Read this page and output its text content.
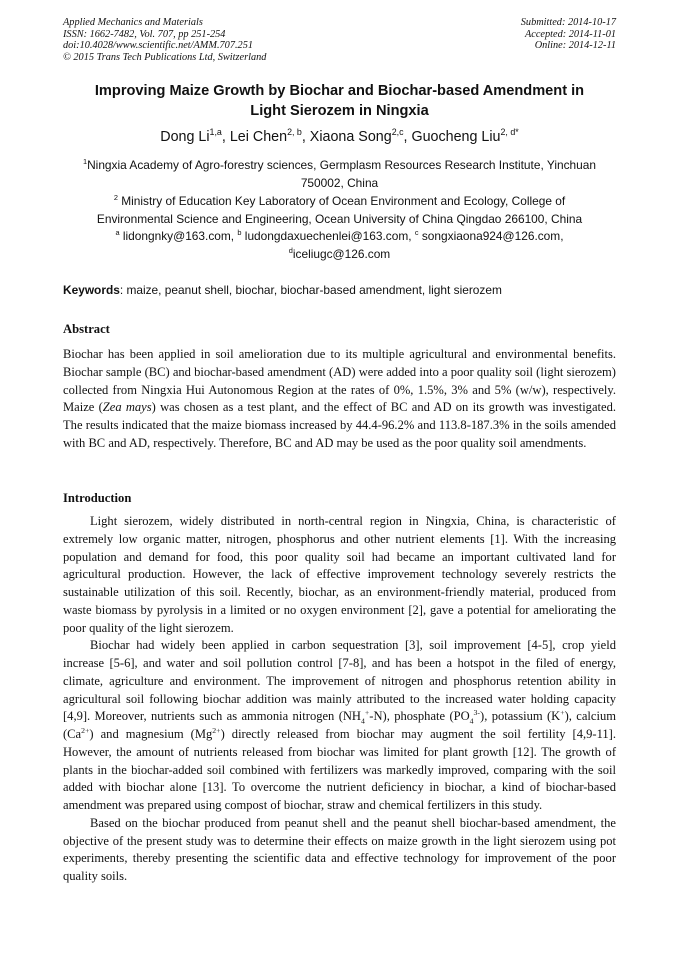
Applied Mechanics and Materials
ISSN: 1662-7482, Vol. 707, pp 251-254
doi:10.4028/www.scientific.net/AMM.707.251
© 2015 Trans Tech Publications Ltd, Switzerland
Submitted: 2014-10-17
Accepted: 2014-11-01
Online: 2014-12-11
Improving Maize Growth by Biochar and Biochar-based Amendment in
Light Sierozem in Ningxia
Dong Li$^{1,a}$, Lei Chen$^{2, b}$, Xiaona Song$^{2,c}$, Guocheng Liu$^{2, d*}$
$^1$Ningxia Academy of Agro-forestry sciences, Germplasm Resources Research Institute, Yinchuan
750002, China
$^2$ Ministry of Education Key Laboratory of Ocean Environment and Ecology, College of
Environmental Science and Engineering, Ocean University of China Qingdao 266100, China
$^a$ lidongnky@163.com, $^b$ ludongdaxuechenlei@163.com, $^c$ songxiaona924@126.com,
$^d$iceliugc@126.com
Keywords: maize, peanut shell, biochar, biochar-based amendment, light sierozem
Abstract

Biochar has been applied in soil amelioration due to its multiple agricultural and environmental benefits. Biochar sample (BC) and biochar-based amendment (AD) were added into a poor quality soil (light sierozem) collected from Ningxia Hui Autonomous Region at the rates of 0%, 1.5%, 3% and 5% (w/w), respectively. Maize (Zea mays) was chosen as a test plant, and the effect of BC and AD on its growth was investigated. The results indicated that the maize biomass increased by 44.4-96.2% and 113.8-187.3% in the soils amended with BC and AD, respectively. Therefore, BC and AD may be used as the poor quality soil amendments.

Introduction

Light sierozem, widely distributed in north-central region in Ningxia, China, is characteristic of extremely low organic matter, nitrogen, phosphorus and other nutrient elements [1]. With the increasing population and demand for food, this poor quality soil had became an important cultivated land for agricultural production. However, the lack of effective improvement technology severely restricts the sustainable utilization of this soil. Recently, biochar, as an environment-friendly material, produced from waste biomass by pyrolysis in a limited or no oxygen environment [2], gave a potential for ameliorating the poor quality of the light sierozem.

Biochar had widely been applied in carbon sequestration [3], soil improvement [4-5], crop yield increase [5-6], and water and soil pollution control [7-8], and has been a hotspot in the filed of energy, climate, agriculture and environment. The improvement of nitrogen and phosphorus retention ability in agricultural soil following biochar addition was mainly attributed to the increased water holding capacity [4,9]. Moreover, nutrients such as ammonia nitrogen $(NH_4^+-N)$, phosphate $(PO_4^{3-})$, potassium (K+), calcium $(Ca^{2+})$ and magnesium $(Mg^{2+})$ directly released from biochar may augment the soil fertility [4,9-11]. However, the amount of nutrients released from biochar was limited for plant growth [12]. The growth of plants in the biochar-added soil combined with fertilizers was markedly improved, comparing with the soil added with biochar alone [13]. To overcome the nutrient deficiency in biochar, a kind of biochar-based amendment was prepared using compost of biochar, straw and chemical fertilizers in this study.

Based on the biochar produced from peanut shell and the peanut shell biochar-based amendment, the objective of the present study was to determine their effects on maize growth in the light sierozem using pot experiments, thereby presenting the scientific data and effective technology for improvement of the poor quality soils.
